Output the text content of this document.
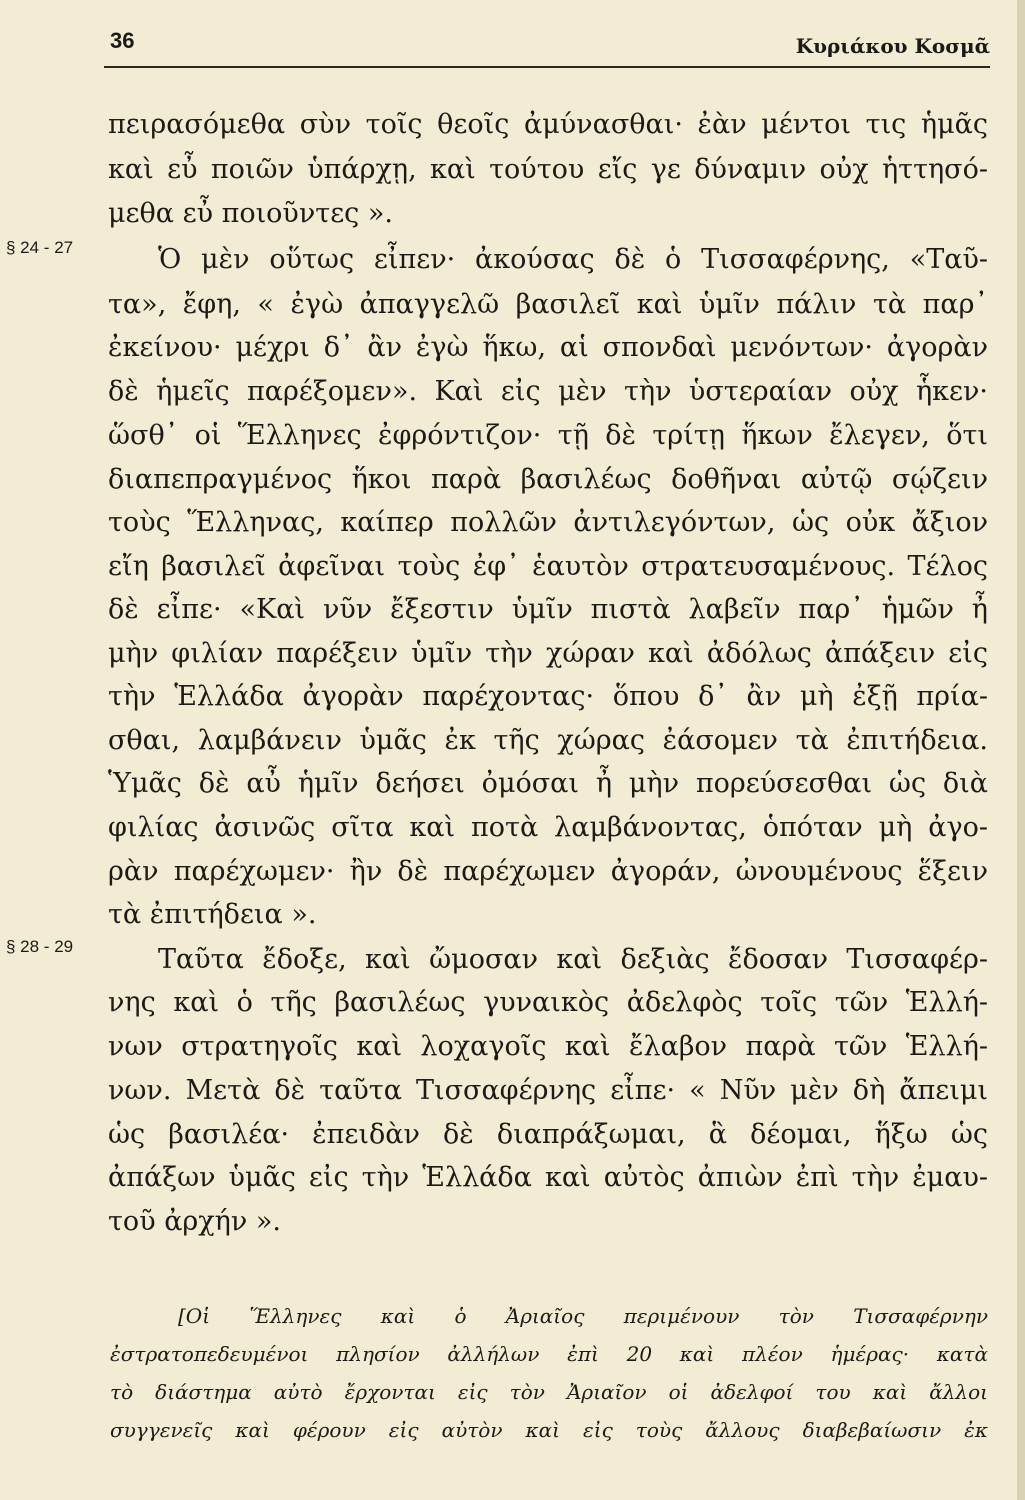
36	Κυριάκου Κοσμᾶ
πειρασόμεθα σὺν τοῖς θεοῖς ἀμύνασθαι· ἐὰν μέντοι τις ἡμᾶς
καὶ εὖ ποιῶν ὑπάρχῃ, καὶ τούτου εἴς γε δύναμιν οὐχ ἡττησό-
μεθα εὖ ποιοῦντες ».
§ 24 - 27	Ὁ μὲν οὕτως εἶπεν· ἀκούσας δὲ ὁ Τισσαφέρνης, «Ταῦ-
τα», ἔφη, « ἐγὼ ἀπαγγελῶ βασιλεῖ καὶ ὑμῖν πάλιν τὰ παρ᾿
ἐκείνου· μέχρι δ᾿ ἂν ἐγὼ ἥκω, αἱ σπονδαὶ μενόντων· ἀγορὰν
δὲ ἡμεῖς παρέξομεν». Καὶ εἰς μὲν τὴν ὑστεραίαν οὐχ ἧκεν·
ὥσθ᾿ οἱ Ἕλληνες ἐφρόντιζον· τῇ δὲ τρίτῃ ἥκων ἔλεγεν, ὅτι
διαπεπραγμένος ἥκοι παρὰ βασιλέως δοθῆναι αὐτῷ σῴζειν
τοὺς Ἕλληνας, καίπερ πολλῶν ἀντιλεγόντων, ὡς οὐκ ἄξιον
εἴη βασιλεῖ ἀφεῖναι τοὺς ἐφ᾿ ἑαυτὸν στρατευσαμένους. Τέλος
δὲ εἶπε· «Καὶ νῦν ἔξεστιν ὑμῖν πιστὰ λαβεῖν παρ᾿ ἡμῶν ἦ
μὴν φιλίαν παρέξειν ὑμῖν τὴν χώραν καὶ ἀδόλως ἀπάξειν εἰς
τὴν Ἑλλάδα ἀγορὰν παρέχοντας· ὅπου δ᾿ ἂν μὴ ἐξῇ πρία-
σθαι, λαμβάνειν ὑμᾶς ἐκ τῆς χώρας ἐάσομεν τὰ ἐπιτήδεια.
Ὑμᾶς δὲ αὖ ἡμῖν δεήσει ὀμόσαι ἦ μὴν πορεύσεσθαι ὡς διὰ
φιλίας ἀσινῶς σῖτα καὶ ποτὰ λαμβάνοντας, ὁπόταν μὴ ἀγο-
ρὰν παρέχωμεν· ἢν δὲ παρέχωμεν ἀγοράν, ὠνουμένους ἕξειν
τὰ ἐπιτήδεια ».
§ 28 - 29	Ταῦτα ἔδοξε, καὶ ὤμοσαν καὶ δεξιὰς ἔδοσαν Τισσαφέρ-
νης καὶ ὁ τῆς βασιλέως γυναικὸς ἀδελφὸς τοῖς τῶν Ἑλλή-
νων στρατηγοῖς καὶ λοχαγοῖς καὶ ἔλαβον παρὰ τῶν Ἑλλή-
νων. Μετὰ δὲ ταῦτα Τισσαφέρνης εἶπε· « Νῦν μὲν δὴ ἄπειμι
ὡς βασιλέα· ἐπειδὰν δὲ διαπράξωμαι, ἃ δέομαι, ἥξω ὡς
ἀπάξων ὑμᾶς εἰς τὴν Ἑλλάδα καὶ αὐτὸς ἀπιὼν ἐπὶ τὴν ἐμαυ-
τοῦ ἀρχήν ».
[Οἱ Ἕλληνες καὶ ὁ Ἀριαῖος περιμένουν τὸν Τισσαφέρνην
ἐστρατοπεδευμένοι πλησίον ἀλλήλων ἐπὶ 20 καὶ πλέον ἡμέρας· κατὰ
τὸ διάστημα αὐτὸ ἔρχονται εἰς τὸν Ἀριαῖον οἱ ἀδελφοί του καὶ ἄλλοι
συγγενεῖς καὶ φέρουν εἰς αὐτὸν καὶ εἰς τοὺς ἄλλους διαβεβαίωσιν ἐκ
